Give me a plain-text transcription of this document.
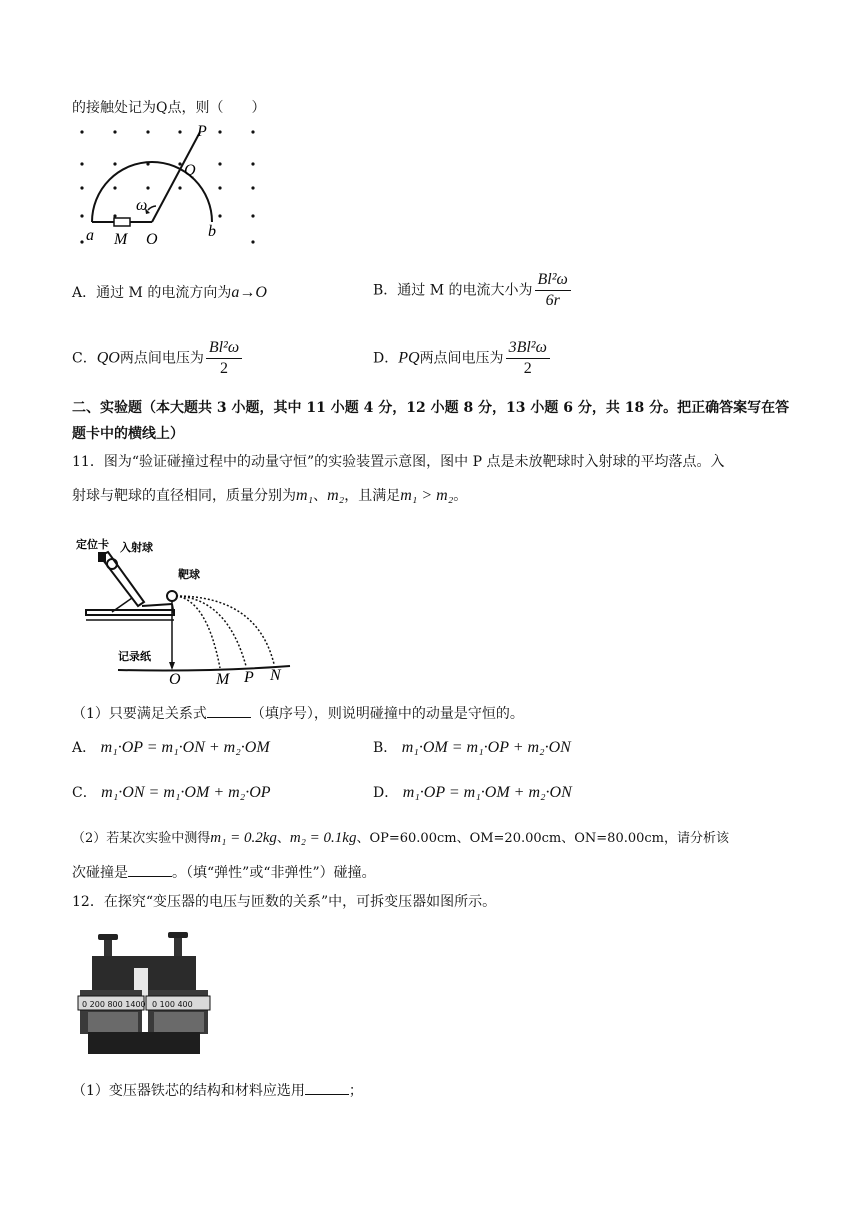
的接触处记为Q点，则（　　）
P
Q
ω
a M O	b
A．通过 M 的电流方向为a→O	B．通过 M 的电流大小为 $\frac{\text{Bl²ω}}{6r}$
C．QO两点间电压为 $\frac{\text{Bl²ω}}{2}$	D．PQ两点间电压为 $\frac{\text{3Bl²ω}}{2}$
二、实验题（本大题共 3 小题，其中 11 小题 4 分，12 小题 8 分，13 小题 6 分，共 18 分。把正确答案写在答
题卡中的横线上）
11．图为“验证碰撞过程中的动量守恒”的实验装置示意图，图中 P 点是未放靶球时入射球的平均落点。入
射球与靶球的直径相同，质量分别为m₁、m₂，且满足m₁ > m₂。
定位卡 入射球
靶球
记录纸
O M P N
（1）只要满足关系式	（填序号），则说明碰撞中的动量是守恒的。
A． m₁·OP = m₁·ON + m₂·OM	B． m₁·OM = m₁·OP + m₂·ON
C． m₁·ON = m₁·OM + m₂·OP	D． m₁·OP = m₁·OM + m₂·ON
（2）若某次实验中测得m₁ = 0.2kg、m₂ = 0.1kg、OP=60.00cm、OM=20.00cm、ON=80.00cm，请分析该
次碰撞是	。（填“弹性”或“非弹性”）碰撞。
12．在探究“变压器的电压与匝数的关系”中，可拆变压器如图所示。
0 200 800 1400 0 100 400
（1）变压器铁芯的结构和材料应选用	；
